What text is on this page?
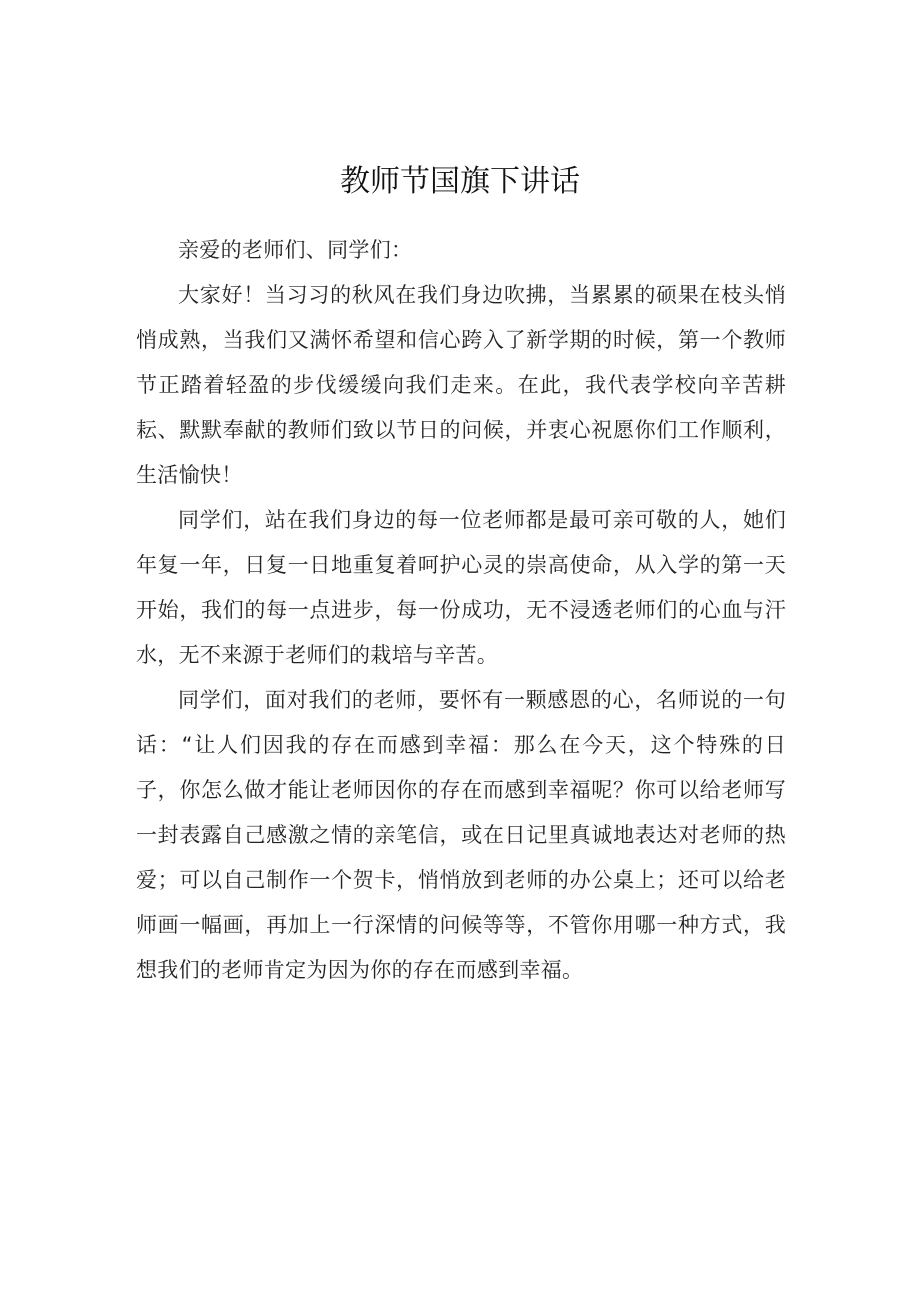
教师节国旗下讲话

亲爱的老师们、同学们：

大家好！当习习的秋风在我们身边吹拂，当累累的硕果在枝头悄悄成熟，当我们又满怀希望和信心跨入了新学期的时候，第一个教师节正踏着轻盈的步伐缓缓向我们走来。在此，我代表学校向辛苦耕耘、默默奉献的教师们致以节日的问候，并衷心祝愿你们工作顺利，生活愉快！

同学们，站在我们身边的每一位老师都是最可亲可敬的人，她们年复一年，日复一日地重复着呵护心灵的崇高使命，从入学的第一天开始，我们的每一点进步，每一份成功，无不浸透老师们的心血与汗水，无不来源于老师们的栽培与辛苦。

同学们，面对我们的老师，要怀有一颗感恩的心，名师说的一句话：“让人们因我的存在而感到幸福：那么在今天，这个特殊的日子，你怎么做才能让老师因你的存在而感到幸福呢？你可以给老师写一封表露自己感激之情的亲笔信，或在日记里真诚地表达对老师的热爱；可以自己制作一个贺卡，悄悄放到老师的办公桌上；还可以给老师画一幅画，再加上一行深情的问候等等，不管你用哪一种方式，我想我们的老师肯定为因为你的存在而感到幸福。
